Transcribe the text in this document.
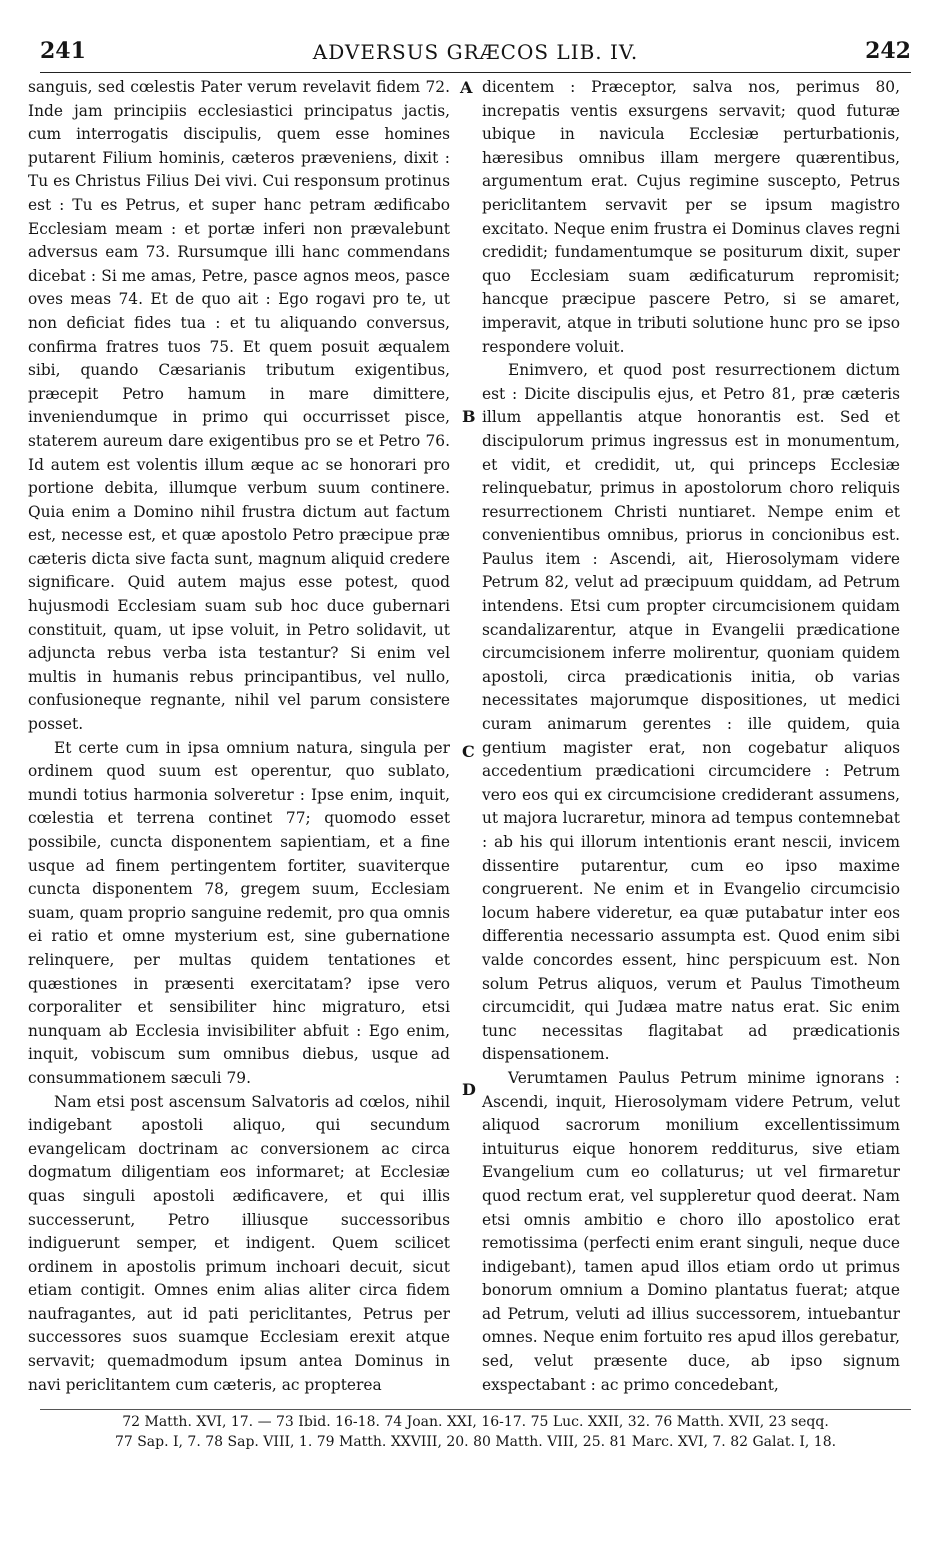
241	ADVERSUS GRÆCOS LIB. IV.	242

sanguis, sed cœlestis Pater verum revelavit fidem 72. Inde jam principiis ecclesiastici principatus jactis, cum interrogatis discipulis, quem esse homines putarent Filium hominis, cæteros præveniens, dixit : Tu es Christus Filius Dei vivi. Cui responsum protinus est : Tu es Petrus, et super hanc petram ædificabo Ecclesiam meam : et portæ inferi non prævalebunt adversus eam 73. Rursumque illi hanc commendans dicebat : Si me amas, Petre, pasce agnos meos, pasce oves meas 74. Et de quo ait : Ego rogavi pro te, ut non deficiat fides tua : et tu aliquando conversus, confirma fratres tuos 75. Et quem posuit æqualem sibi, quando Cæsarianis tributum exigentibus, præcepit Petro hamum in mare dimittere, inveniendumque in primo qui occurrisset pisce, staterem aureum dare exigentibus pro se et Petro 76. Id autem est volentis illum æque ac se honorari pro portione debita, illumque verbum suum continere. Quia enim a Domino nihil frustra dictum aut factum est, necesse est, et quæ apostolo Petro præcipue præ cæteris dicta sive facta sunt, magnum aliquid credere significare. Quid autem majus esse potest, quod hujusmodi Ecclesiam suam sub hoc duce gubernari constituit, quam, ut ipse voluit, in Petro solidavit, ut adjuncta rebus verba ista testantur? Si enim vel multis in humanis rebus principantibus, vel nullo, confusioneque regnante, nihil vel parum consistere posset.

Et certe cum in ipsa omnium natura, singula per ordinem quod suum est operentur, quo sublato, mundi totius harmonia solveretur : Ipse enim, inquit, cœlestia et terrena continet 77; quomodo esset possibile, cuncta disponentem sapientiam, et a fine usque ad finem pertingentem fortiter, suaviterque cuncta disponentem 78, gregem suum, Ecclesiam suam, quam proprio sanguine redemit, pro qua omnis ei ratio et omne mysterium est, sine gubernatione relinquere, per multas quidem tentationes et quæstiones in præsenti exercitatam? ipse vero corporaliter et sensibiliter hinc migraturo, etsi nunquam ab Ecclesia invisibiliter abfuit : Ego enim, inquit, vobiscum sum omnibus diebus, usque ad consummationem sæculi 79.

Nam etsi post ascensum Salvatoris ad cœlos, nihil indigebant apostoli aliquo, qui secundum evangelicam doctrinam ac conversionem ac circa dogmatum diligentiam eos informaret; at Ecclesiæ quas singuli apostoli ædificavere, et qui illis successerunt, Petro illiusque successoribus indiguerunt semper, et indigent. Quem scilicet ordinem in apostolis primum inchoari decuit, sicut etiam contigit. Omnes enim alias aliter circa fidem naufragantes, aut id pati periclitantes, Petrus per successores suos suamque Ecclesiam erexit atque servavit; quemadmodum ipsum antea Dominus in navi periclitantem cum cæteris, ac propterea

A
B
C
D

dicentem : Præceptor, salva nos, perimus 80, increpatis ventis exsurgens servavit; quod futuræ ubique in navicula Ecclesiæ perturbationis, hæresibus omnibus illam mergere quærentibus, argumentum erat. Cujus regimine suscepto, Petrus periclitantem servavit per se ipsum magistro excitato. Neque enim frustra ei Dominus claves regni credidit; fundamentumque se positurum dixit, super quo Ecclesiam suam ædificaturum repromisit; hancque præcipue pascere Petro, si se amaret, imperavit, atque in tributi solutione hunc pro se ipso respondere voluit.

Enimvero, et quod post resurrectionem dictum est : Dicite discipulis ejus, et Petro 81, præ cæteris illum appellantis atque honorantis est. Sed et discipulorum primus ingressus est in monumentum, et vidit, et credidit, ut, qui princeps Ecclesiæ relinquebatur, primus in apostolorum choro reliquis resurrectionem Christi nuntiaret. Nempe enim et convenientibus omnibus, priorus in concionibus est. Paulus item : Ascendi, ait, Hierosolymam videre Petrum 82, velut ad præcipuum quiddam, ad Petrum intendens. Etsi cum propter circumcisionem quidam scandalizarentur, atque in Evangelii prædicatione circumcisionem inferre molirentur, quoniam quidem apostoli, circa prædicationis initia, ob varias necessitates majorumque dispositiones, ut medici curam animarum gerentes : ille quidem, quia gentium magister erat, non cogebatur aliquos accedentium prædicationi circumcidere : Petrum vero eos qui ex circumcisione crediderant assumens, ut majora lucraretur, minora ad tempus contemnebat : ab his qui illorum intentionis erant nescii, invicem dissentire putarentur, cum eo ipso maxime congruerent. Ne enim et in Evangelio circumcisio locum habere videretur, ea quæ putabatur inter eos differentia necessario assumpta est. Quod enim sibi valde concordes essent, hinc perspicuum est. Non solum Petrus aliquos, verum et Paulus Timotheum circumcidit, qui Judæa matre natus erat. Sic enim tunc necessitas flagitabat ad prædicationis dispensationem.

Verumtamen Paulus Petrum minime ignorans : Ascendi, inquit, Hierosolymam videre Petrum, velut aliquod sacrorum monilium excellentissimum intuiturus eique honorem redditurus, sive etiam Evangelium cum eo collaturus; ut vel firmaretur quod rectum erat, vel suppleretur quod deerat. Nam etsi omnis ambitio e choro illo apostolico erat remotissima (perfecti enim erant singuli, neque duce indigebant), tamen apud illos etiam ordo ut primus bonorum omnium a Domino plantatus fuerat; atque ad Petrum, veluti ad illius successorem, intuebantur omnes. Neque enim fortuito res apud illos gerebatur, sed, velut præsente duce, ab ipso signum exspectabant : ac primo concedebant,

72 Matth. XVI, 17. — 73 Ibid. 16-18. 74 Joan. XXI, 16-17. 75 Luc. XXII, 32. 76 Matth. XVII, 23 seqq.
77 Sap. I, 7. 78 Sap. VIII, 1. 79 Matth. XXVIII, 20. 80 Matth. VIII, 25. 81 Marc. XVI, 7. 82 Galat. I, 18.
